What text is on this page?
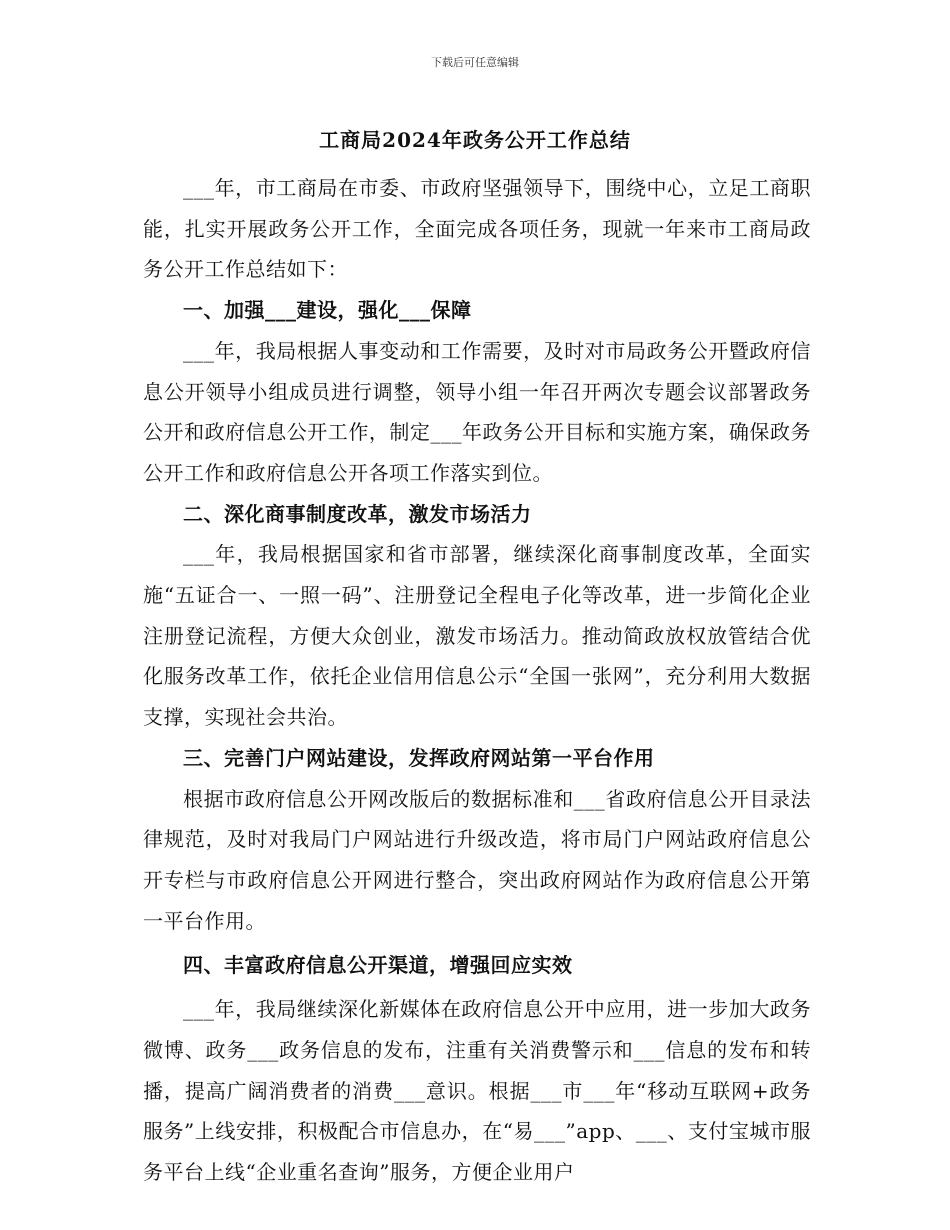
下载后可任意编辑
工商局2024年政务公开工作总结

___年，市工商局在市委、市政府坚强领导下，围绕中心，立足工商职能，扎实开展政务公开工作，全面完成各项任务，现就一年来市工商局政务公开工作总结如下：

一、加强___建设，强化___保障

___年，我局根据人事变动和工作需要，及时对市局政务公开暨政府信息公开领导小组成员进行调整，领导小组一年召开两次专题会议部署政务公开和政府信息公开工作，制定___年政务公开目标和实施方案，确保政务公开工作和政府信息公开各项工作落实到位。

二、深化商事制度改革，激发市场活力

___年，我局根据国家和省市部署，继续深化商事制度改革，全面实施“五证合一、一照一码”、注册登记全程电子化等改革，进一步简化企业注册登记流程，方便大众创业，激发市场活力。推动简政放权放管结合优化服务改革工作，依托企业信用信息公示“全国一张网”，充分利用大数据支撑，实现社会共治。

三、完善门户网站建设，发挥政府网站第一平台作用

根据市政府信息公开网改版后的数据标准和___省政府信息公开目录法律规范，及时对我局门户网站进行升级改造，将市局门户网站政府信息公开专栏与市政府信息公开网进行整合，突出政府网站作为政府信息公开第一平台作用。

四、丰富政府信息公开渠道，增强回应实效

___年，我局继续深化新媒体在政府信息公开中应用，进一步加大政务微博、政务___政务信息的发布，注重有关消费警示和___信息的发布和转播，提高广阔消费者的消费___意识。根据___市___年“移动互联网+政务服务”上线安排，积极配合市信息办，在“易___”app、___、支付宝城市服务平台上线“企业重名查询”服务，方便企业用户
